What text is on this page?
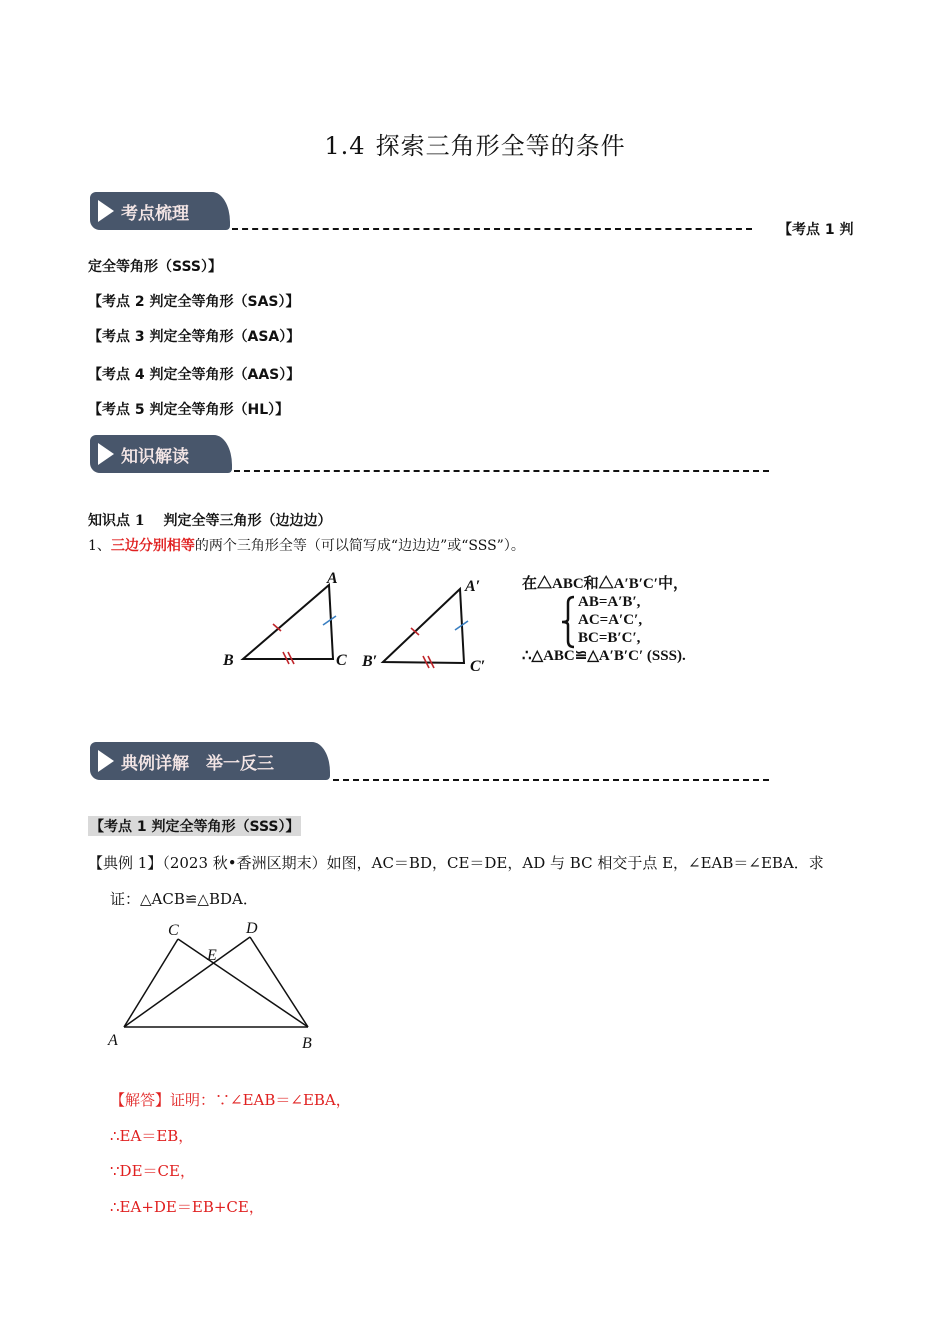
1.4 探索三角形全等的条件
考点梳理
【考点 1 判
定全等角形（SSS）】
【考点 2 判定全等角形（SAS）】
【考点 3 判定全等角形（ASA）】
【考点 4 判定全等角形（AAS）】
【考点 5 判定全等角形（HL）】
知识解读
知识点 1　 判定全等三角形（边边边）
1、三边分别相等的两个三角形全等（可以简写成“边边边”或“SSS”）。
A
B	C
A′
B′	C′
在△ABC和△A′B′C′中，
AB=A′B′,
AC=A′C′,
BC=B′C′,
∴△ABC≌△A′B′C′ (SSS).
典例详解　举一反三
【考点 1 判定全等角形（SSS）】
【典例 1】（2023 秋•香洲区期末）如图，AC＝BD，CE＝DE，AD 与 BC 相交于点 E，∠EAB＝∠EBA．求
证：△ACB≌△BDA．
C	D
E
A	B
【解答】证明：∵∠EAB＝∠EBA，
∴EA＝EB，
∵DE＝CE，
∴EA+DE＝EB+CE，
